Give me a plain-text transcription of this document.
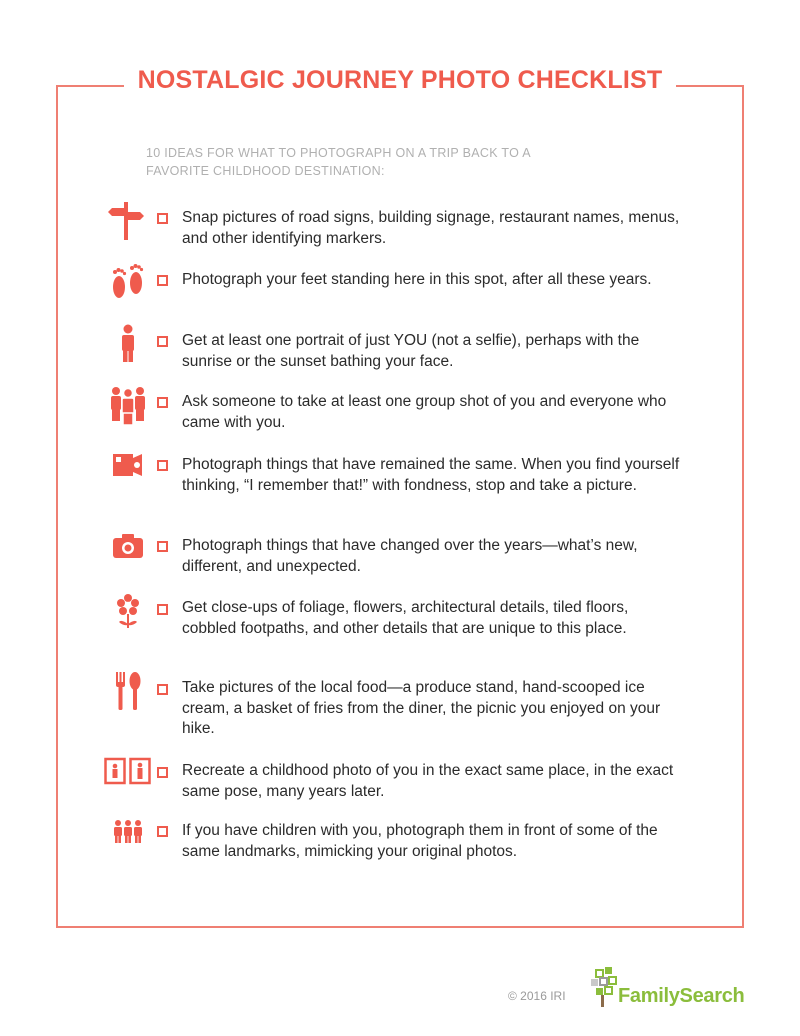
NOSTALGIC JOURNEY PHOTO CHECKLIST
10 IDEAS FOR WHAT TO PHOTOGRAPH ON A TRIP BACK TO A FAVORITE CHILDHOOD DESTINATION:
Snap pictures of road signs, building signage, restaurant names, menus, and other identifying markers.
Photograph your feet standing here in this spot, after all these years.
Get at least one portrait of just YOU (not a selfie), perhaps with the sunrise or the sunset bathing your face.
Ask someone to take at least one group shot of you and everyone who came with you.
Photograph things that have remained the same. When you find yourself thinking, “I remember that!” with fondness, stop and take a picture.
Photograph things that have changed over the years—what’s new, different, and unexpected.
Get close-ups of foliage, flowers, architectural details, tiled floors, cobbled footpaths, and other details that are unique to this place.
Take pictures of the local food—a produce stand, hand-scooped ice cream, a basket of fries from the diner, the picnic you enjoyed on your hike.
Recreate a childhood photo of you in the exact same place, in the exact same pose, many years later.
If you have children with you, photograph them in front of some of the same landmarks, mimicking your original photos.
© 2016 IRI	FamilySearch
